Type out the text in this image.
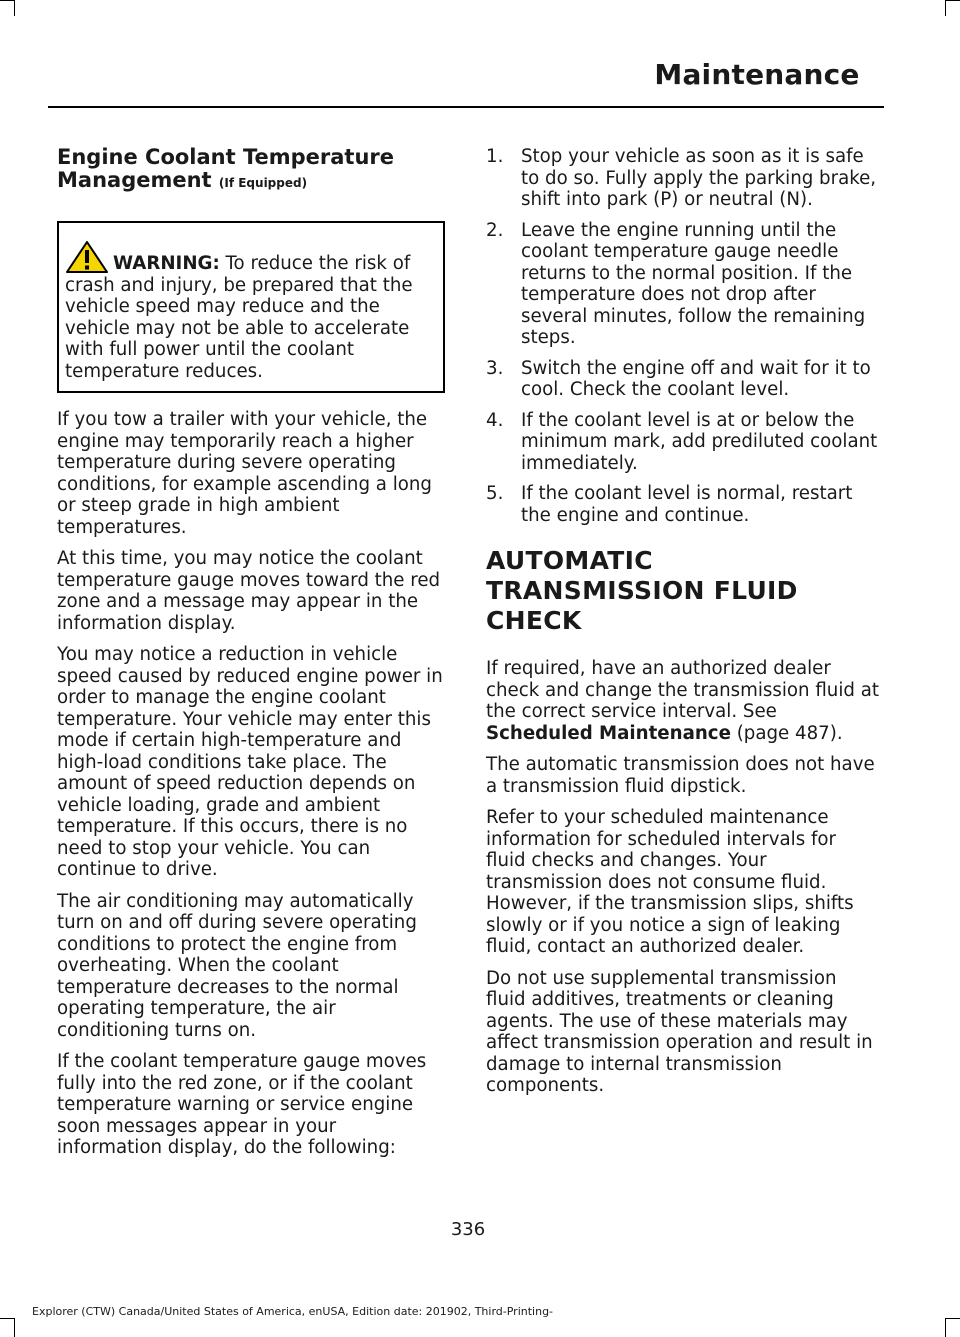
Maintenance
Engine Coolant Temperature Management (If Equipped)

WARNING: To reduce the risk of crash and injury, be prepared that the vehicle speed may reduce and the vehicle may not be able to accelerate with full power until the coolant temperature reduces.

If you tow a trailer with your vehicle, the engine may temporarily reach a higher temperature during severe operating conditions, for example ascending a long or steep grade in high ambient temperatures.

At this time, you may notice the coolant temperature gauge moves toward the red zone and a message may appear in the information display.

You may notice a reduction in vehicle speed caused by reduced engine power in order to manage the engine coolant temperature. Your vehicle may enter this mode if certain high-temperature and high-load conditions take place. The amount of speed reduction depends on vehicle loading, grade and ambient temperature. If this occurs, there is no need to stop your vehicle. You can continue to drive.

The air conditioning may automatically turn on and off during severe operating conditions to protect the engine from overheating. When the coolant temperature decreases to the normal operating temperature, the air conditioning turns on.

If the coolant temperature gauge moves fully into the red zone, or if the coolant temperature warning or service engine soon messages appear in your information display, do the following:

1. Stop your vehicle as soon as it is safe to do so. Fully apply the parking brake, shift into park (P) or neutral (N).
2. Leave the engine running until the coolant temperature gauge needle returns to the normal position. If the temperature does not drop after several minutes, follow the remaining steps.
3. Switch the engine off and wait for it to cool. Check the coolant level.
4. If the coolant level is at or below the minimum mark, add prediluted coolant immediately.
5. If the coolant level is normal, restart the engine and continue.
AUTOMATIC TRANSMISSION FLUID CHECK

If required, have an authorized dealer check and change the transmission fluid at the correct service interval. See Scheduled Maintenance (page 487).

The automatic transmission does not have a transmission fluid dipstick.

Refer to your scheduled maintenance information for scheduled intervals for fluid checks and changes. Your transmission does not consume fluid. However, if the transmission slips, shifts slowly or if you notice a sign of leaking fluid, contact an authorized dealer.

Do not use supplemental transmission fluid additives, treatments or cleaning agents. The use of these materials may affect transmission operation and result in damage to internal transmission components.

336
Explorer (CTW) Canada/United States of America, enUSA, Edition date: 201902, Third-Printing-
